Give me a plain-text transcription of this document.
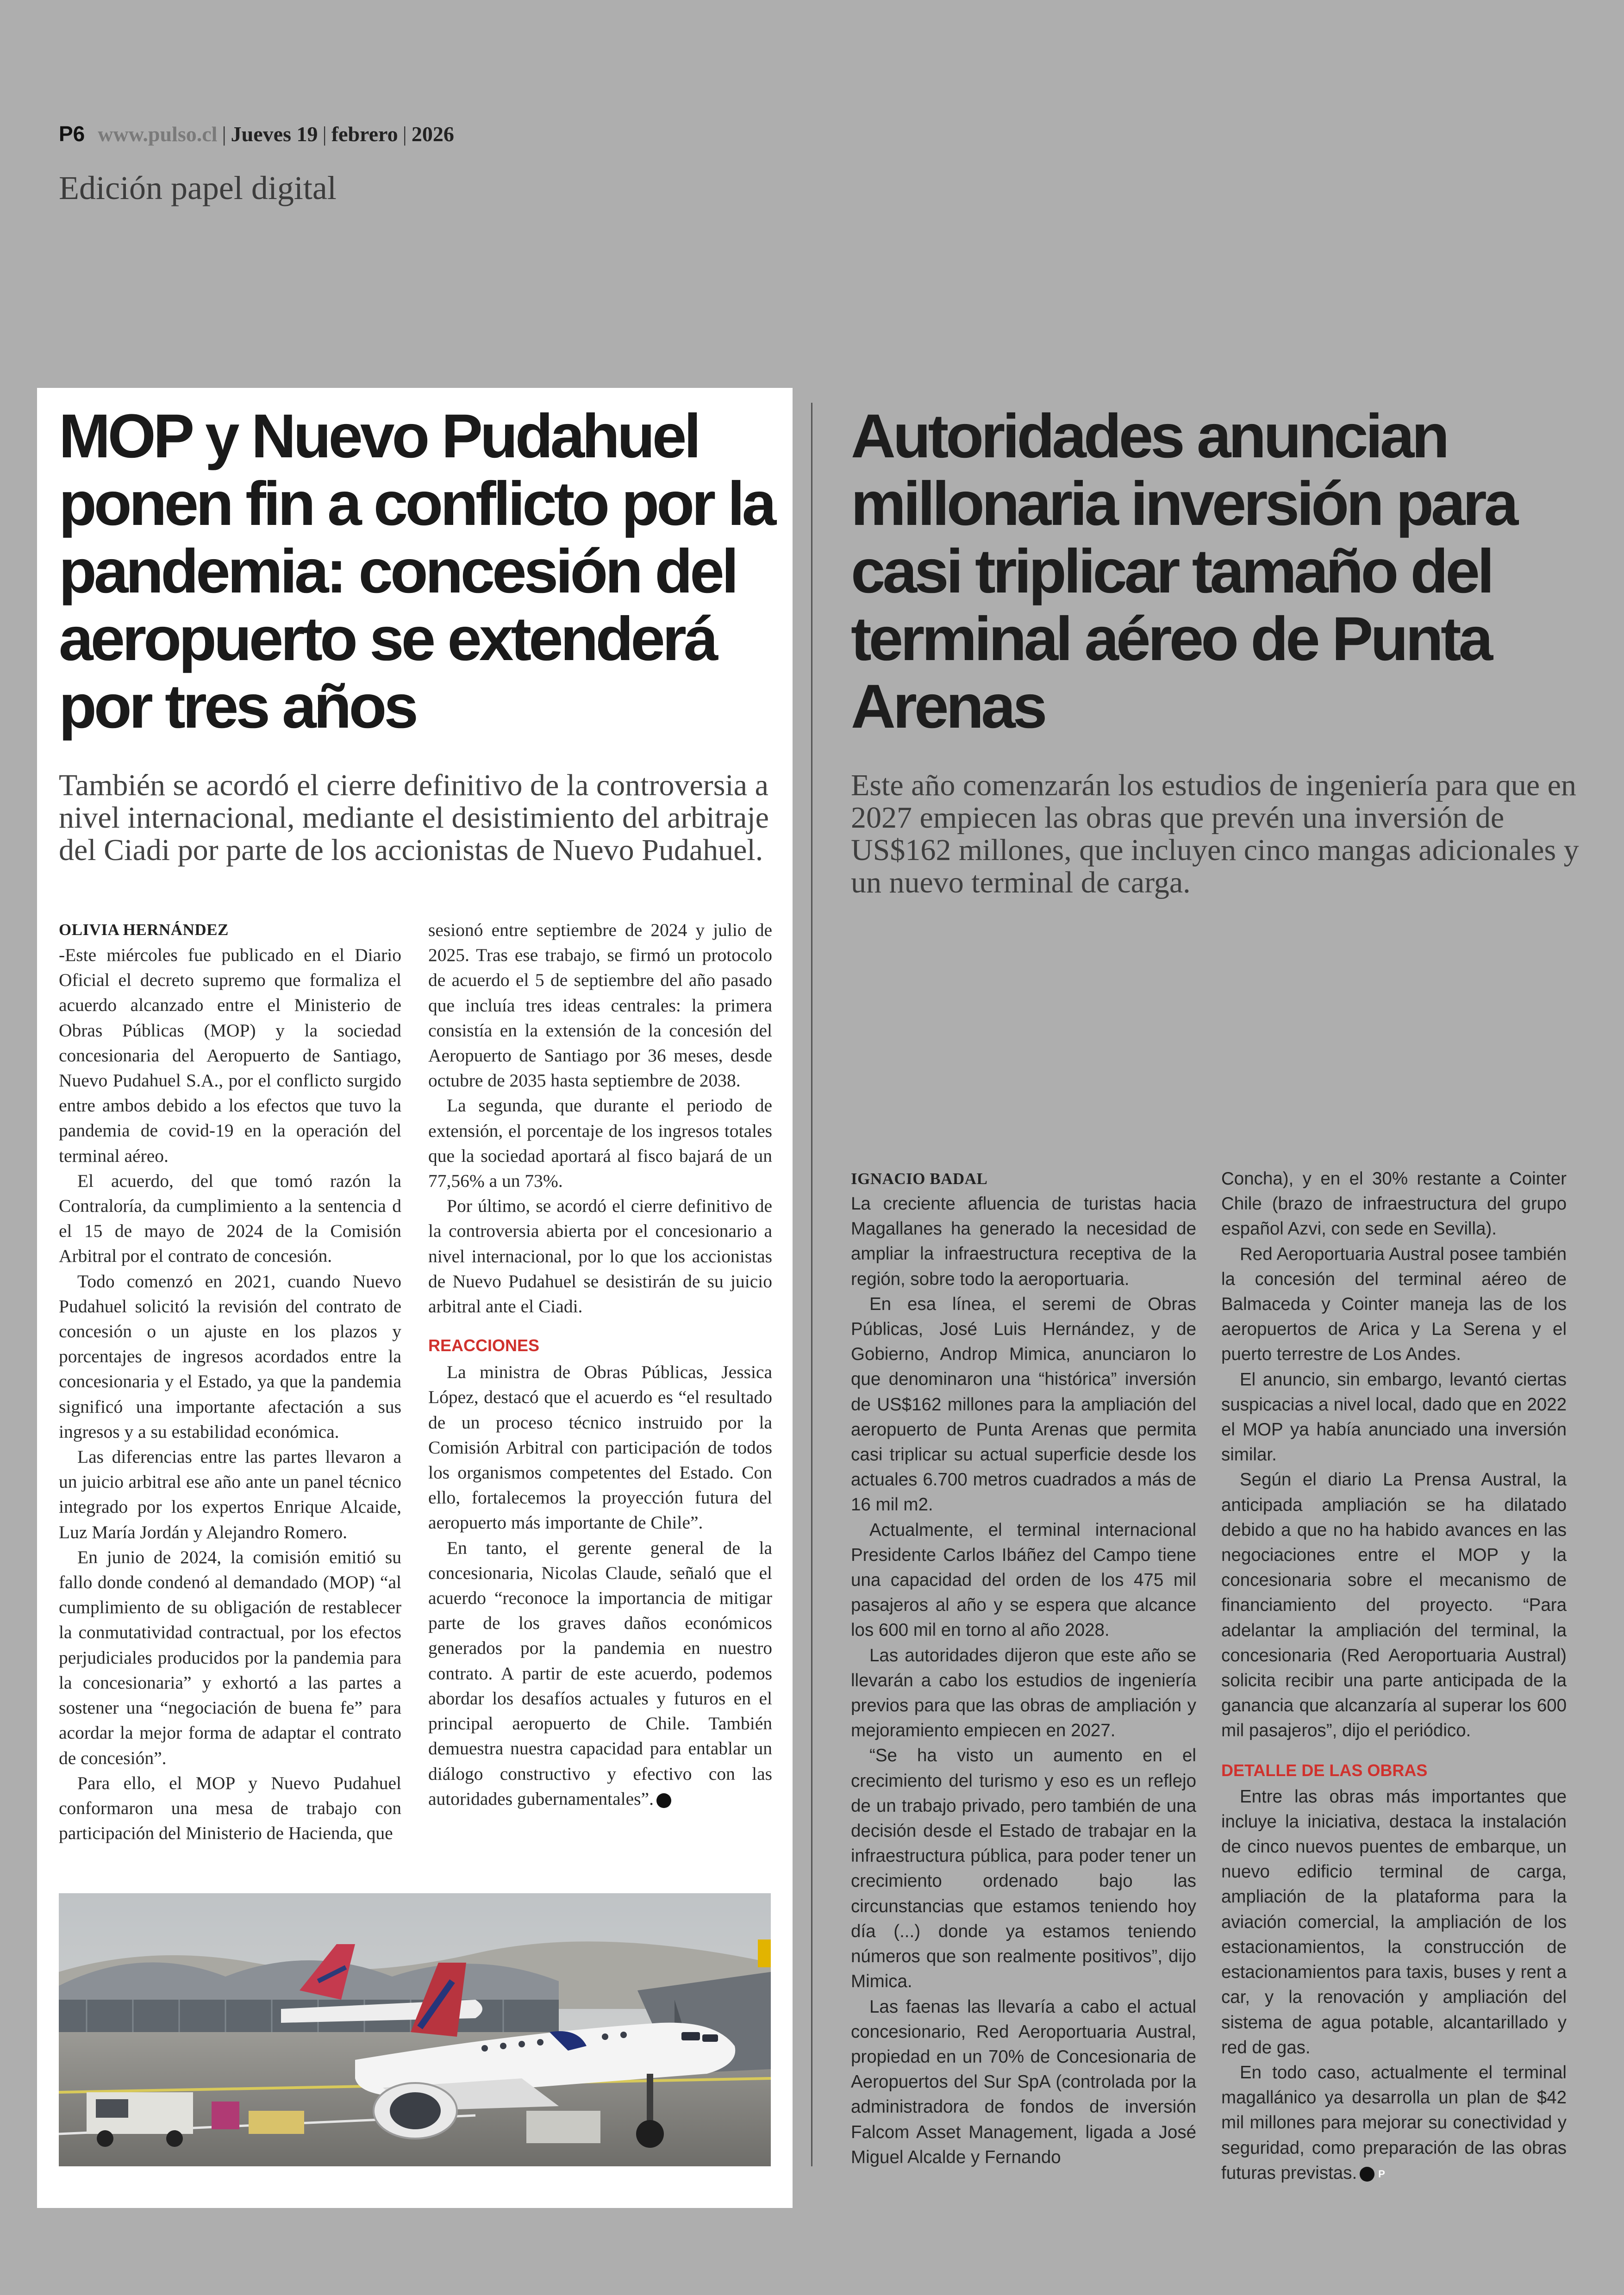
P6 www.pulso.cl | Jueves 19 | febrero | 2026
Edición papel digital
MOP y Nuevo Pudahuel ponen fin a conflicto por la pandemia: concesión del aeropuerto se extenderá por tres años

También se acordó el cierre definitivo de la controversia a nivel internacional, mediante el desistimiento del arbitraje del Ciadi por parte de los accionistas de Nuevo Pudahuel.

OLIVIA HERNÁNDEZ

-Este miércoles fue publicado en el Diario Oficial el decreto supremo que formaliza el acuerdo alcanzado entre el Ministerio de Obras Públicas (MOP) y la sociedad concesionaria del Aeropuerto de Santiago, Nuevo Pudahuel S.A., por el conflicto surgido entre ambos debido a los efectos que tuvo la pandemia de covid-19 en la operación del terminal aéreo.

El acuerdo, del que tomó razón la Contraloría, da cumplimiento a la sentencia d el 15 de mayo de 2024 de la Comisión Arbitral por el contrato de concesión.

Todo comenzó en 2021, cuando Nuevo Pudahuel solicitó la revisión del contrato de concesión o un ajuste en los plazos y porcentajes de ingresos acordados entre la concesionaria y el Estado, ya que la pandemia significó una importante afectación a sus ingresos y a su estabilidad económica.

Las diferencias entre las partes llevaron a un juicio arbitral ese año ante un panel técnico integrado por los expertos Enrique Alcaide, Luz María Jordán y Alejandro Romero.

En junio de 2024, la comisión emitió su fallo donde condenó al demandado (MOP) “al cumplimiento de su obligación de restablecer la conmutatividad contractual, por los efectos perjudiciales producidos por la pandemia para la concesionaria” y exhortó a las partes a sostener una “negociación de buena fe” para acordar la mejor forma de adaptar el contrato de concesión”.

Para ello, el MOP y Nuevo Pudahuel conformaron una mesa de trabajo con participación del Ministerio de Hacienda, que

sesionó entre septiembre de 2024 y julio de 2025. Tras ese trabajo, se firmó un protocolo de acuerdo el 5 de septiembre del año pasado que incluía tres ideas centrales: la primera consistía en la extensión de la concesión del Aeropuerto de Santiago por 36 meses, desde octubre de 2035 hasta septiembre de 2038.

La segunda, que durante el periodo de extensión, el porcentaje de los ingresos totales que la sociedad aportará al fisco bajará de un 77,56% a un 73%.

Por último, se acordó el cierre definitivo de la controversia abierta por el concesionario a nivel internacional, por lo que los accionistas de Nuevo Pudahuel se desistirán de su juicio arbitral ante el Ciadi.

REACCIONES

La ministra de Obras Públicas, Jessica López, destacó que el acuerdo es “el resultado de un proceso técnico instruido por la Comisión Arbitral con participación de todos los organismos competentes del Estado. Con ello, fortalecemos la proyección futura del aeropuerto más importante de Chile”.

En tanto, el gerente general de la concesionaria, Nicolas Claude, señaló que el acuerdo “reconoce la importancia de mitigar parte de los graves daños económicos generados por la pandemia en nuestro contrato. A partir de este acuerdo, podemos abordar los desafíos actuales y futuros en el principal aeropuerto de Chile. También demuestra nuestra capacidad para entablar un diálogo constructivo y efectivo con las autoridades gubernamentales”. P

Autoridades anuncian millonaria inversión para casi triplicar tamaño del terminal aéreo de Punta Arenas

Este año comenzarán los estudios de ingeniería para que en 2027 empiecen las obras que prevén una inversión de US$162 millones, que incluyen cinco mangas adicionales y un nuevo terminal de carga.

IGNACIO BADAL

La creciente afluencia de turistas hacia Magallanes ha generado la necesidad de ampliar la infraestructura receptiva de la región, sobre todo la aeroportuaria.

En esa línea, el seremi de Obras Públicas, José Luis Hernández, y de Gobierno, Androp Mimica, anunciaron lo que denominaron una “histórica” inversión de US$162 millones para la ampliación del aeropuerto de Punta Arenas que permita casi triplicar su actual superficie desde los actuales 6.700 metros cuadrados a más de 16 mil m2.

Actualmente, el terminal internacional Presidente Carlos Ibáñez del Campo tiene una capacidad del orden de los 475 mil pasajeros al año y se espera que alcance los 600 mil en torno al año 2028.

Las autoridades dijeron que este año se llevarán a cabo los estudios de ingeniería previos para que las obras de ampliación y mejoramiento empiecen en 2027.

“Se ha visto un aumento en el crecimiento del turismo y eso es un reflejo de un trabajo privado, pero también de una decisión desde el Estado de trabajar en la infraestructura pública, para poder tener un crecimiento ordenado bajo las circunstancias que estamos teniendo hoy día (...) donde ya estamos teniendo números que son realmente positivos”, dijo Mimica.

Las faenas las llevaría a cabo el actual concesionario, Red Aeroportuaria Austral, propiedad en un 70% de Concesionaria de Aeropuertos del Sur SpA (controlada por la administradora de fondos de inversión Falcom Asset Management, ligada a José Miguel Alcalde y Fernando

Concha), y en el 30% restante a Cointer Chile (brazo de infraestructura del grupo español Azvi, con sede en Sevilla).

Red Aeroportuaria Austral posee también la concesión del terminal aéreo de Balmaceda y Cointer maneja las de los aeropuertos de Arica y La Serena y el puerto terrestre de Los Andes.

El anuncio, sin embargo, levantó ciertas suspicacias a nivel local, dado que en 2022 el MOP ya había anunciado una inversión similar.

Según el diario La Prensa Austral, la anticipada ampliación se ha dilatado debido a que no ha habido avances en las negociaciones entre el MOP y la concesionaria sobre el mecanismo de financiamiento del proyecto. “Para adelantar la ampliación del terminal, la concesionaria (Red Aeroportuaria Austral) solicita recibir una parte anticipada de la ganancia que alcanzaría al superar los 600 mil pasajeros”, dijo el periódico.

DETALLE DE LAS OBRAS

Entre las obras más importantes que incluye la iniciativa, destaca la instalación de cinco nuevos puentes de embarque, un nuevo edificio terminal de carga, ampliación de la plataforma para la aviación comercial, la ampliación de los estacionamientos, la construcción de estacionamientos para taxis, buses y rent a car, y la renovación y ampliación del sistema de agua potable, alcantarillado y red de gas.

En todo caso, actualmente el terminal magallánico ya desarrolla un plan de $42 mil millones para mejorar su conectividad y seguridad, como preparación de las obras futuras previstas. P
